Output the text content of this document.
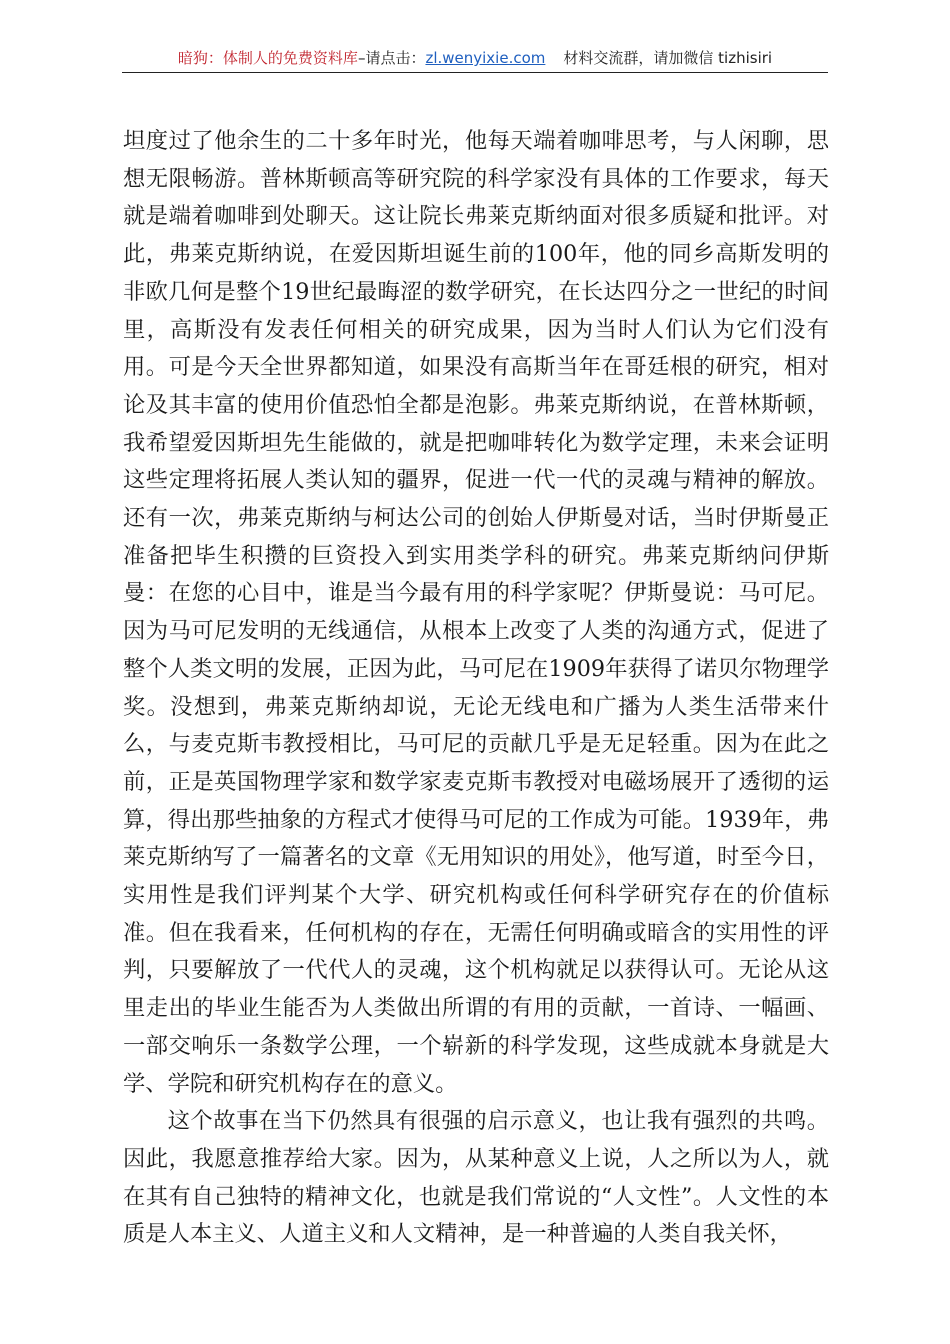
暗狗：体制人的免费资料库–请点击：zl.wenyixie.com 材料交流群，请加微信 tizhisiri

坦度过了他余生的二十多年时光，他每天端着咖啡思考，与人闲聊，思想无限畅游。普林斯顿高等研究院的科学家没有具体的工作要求，每天就是端着咖啡到处聊天。这让院长弗莱克斯纳面对很多质疑和批评。对此，弗莱克斯纳说，在爱因斯坦诞生前的100年，他的同乡高斯发明的非欧几何是整个19世纪最晦涩的数学研究，在长达四分之一世纪的时间里，高斯没有发表任何相关的研究成果，因为当时人们认为它们没有用。可是今天全世界都知道，如果没有高斯当年在哥廷根的研究，相对论及其丰富的使用价值恐怕全都是泡影。弗莱克斯纳说，在普林斯顿，我希望爱因斯坦先生能做的，就是把咖啡转化为数学定理，未来会证明这些定理将拓展人类认知的疆界，促进一代一代的灵魂与精神的解放。还有一次，弗莱克斯纳与柯达公司的创始人伊斯曼对话，当时伊斯曼正准备把毕生积攒的巨资投入到实用类学科的研究。弗莱克斯纳问伊斯曼：在您的心目中，谁是当今最有用的科学家呢？伊斯曼说：马可尼。因为马可尼发明的无线通信，从根本上改变了人类的沟通方式，促进了整个人类文明的发展，正因为此，马可尼在1909年获得了诺贝尔物理学奖。没想到，弗莱克斯纳却说，无论无线电和广播为人类生活带来什么，与麦克斯韦教授相比，马可尼的贡献几乎是无足轻重。因为在此之前，正是英国物理学家和数学家麦克斯韦教授对电磁场展开了透彻的运算，得出那些抽象的方程式才使得马可尼的工作成为可能。1939年，弗莱克斯纳写了一篇著名的文章《无用知识的用处》，他写道，时至今日，实用性是我们评判某个大学、研究机构或任何科学研究存在的价值标准。但在我看来，任何机构的存在，无需任何明确或暗含的实用性的评判，只要解放了一代代人的灵魂，这个机构就足以获得认可。无论从这里走出的毕业生能否为人类做出所谓的有用的贡献，一首诗、一幅画、一部交响乐一条数学公理，一个崭新的科学发现，这些成就本身就是大学、学院和研究机构存在的意义。

这个故事在当下仍然具有很强的启示意义，也让我有强烈的共鸣。因此，我愿意推荐给大家。因为，从某种意义上说，人之所以为人，就在其有自己独特的精神文化，也就是我们常说的“人文性”。人文性的本质是人本主义、人道主义和人文精神，是一种普遍的人类自我关怀，
